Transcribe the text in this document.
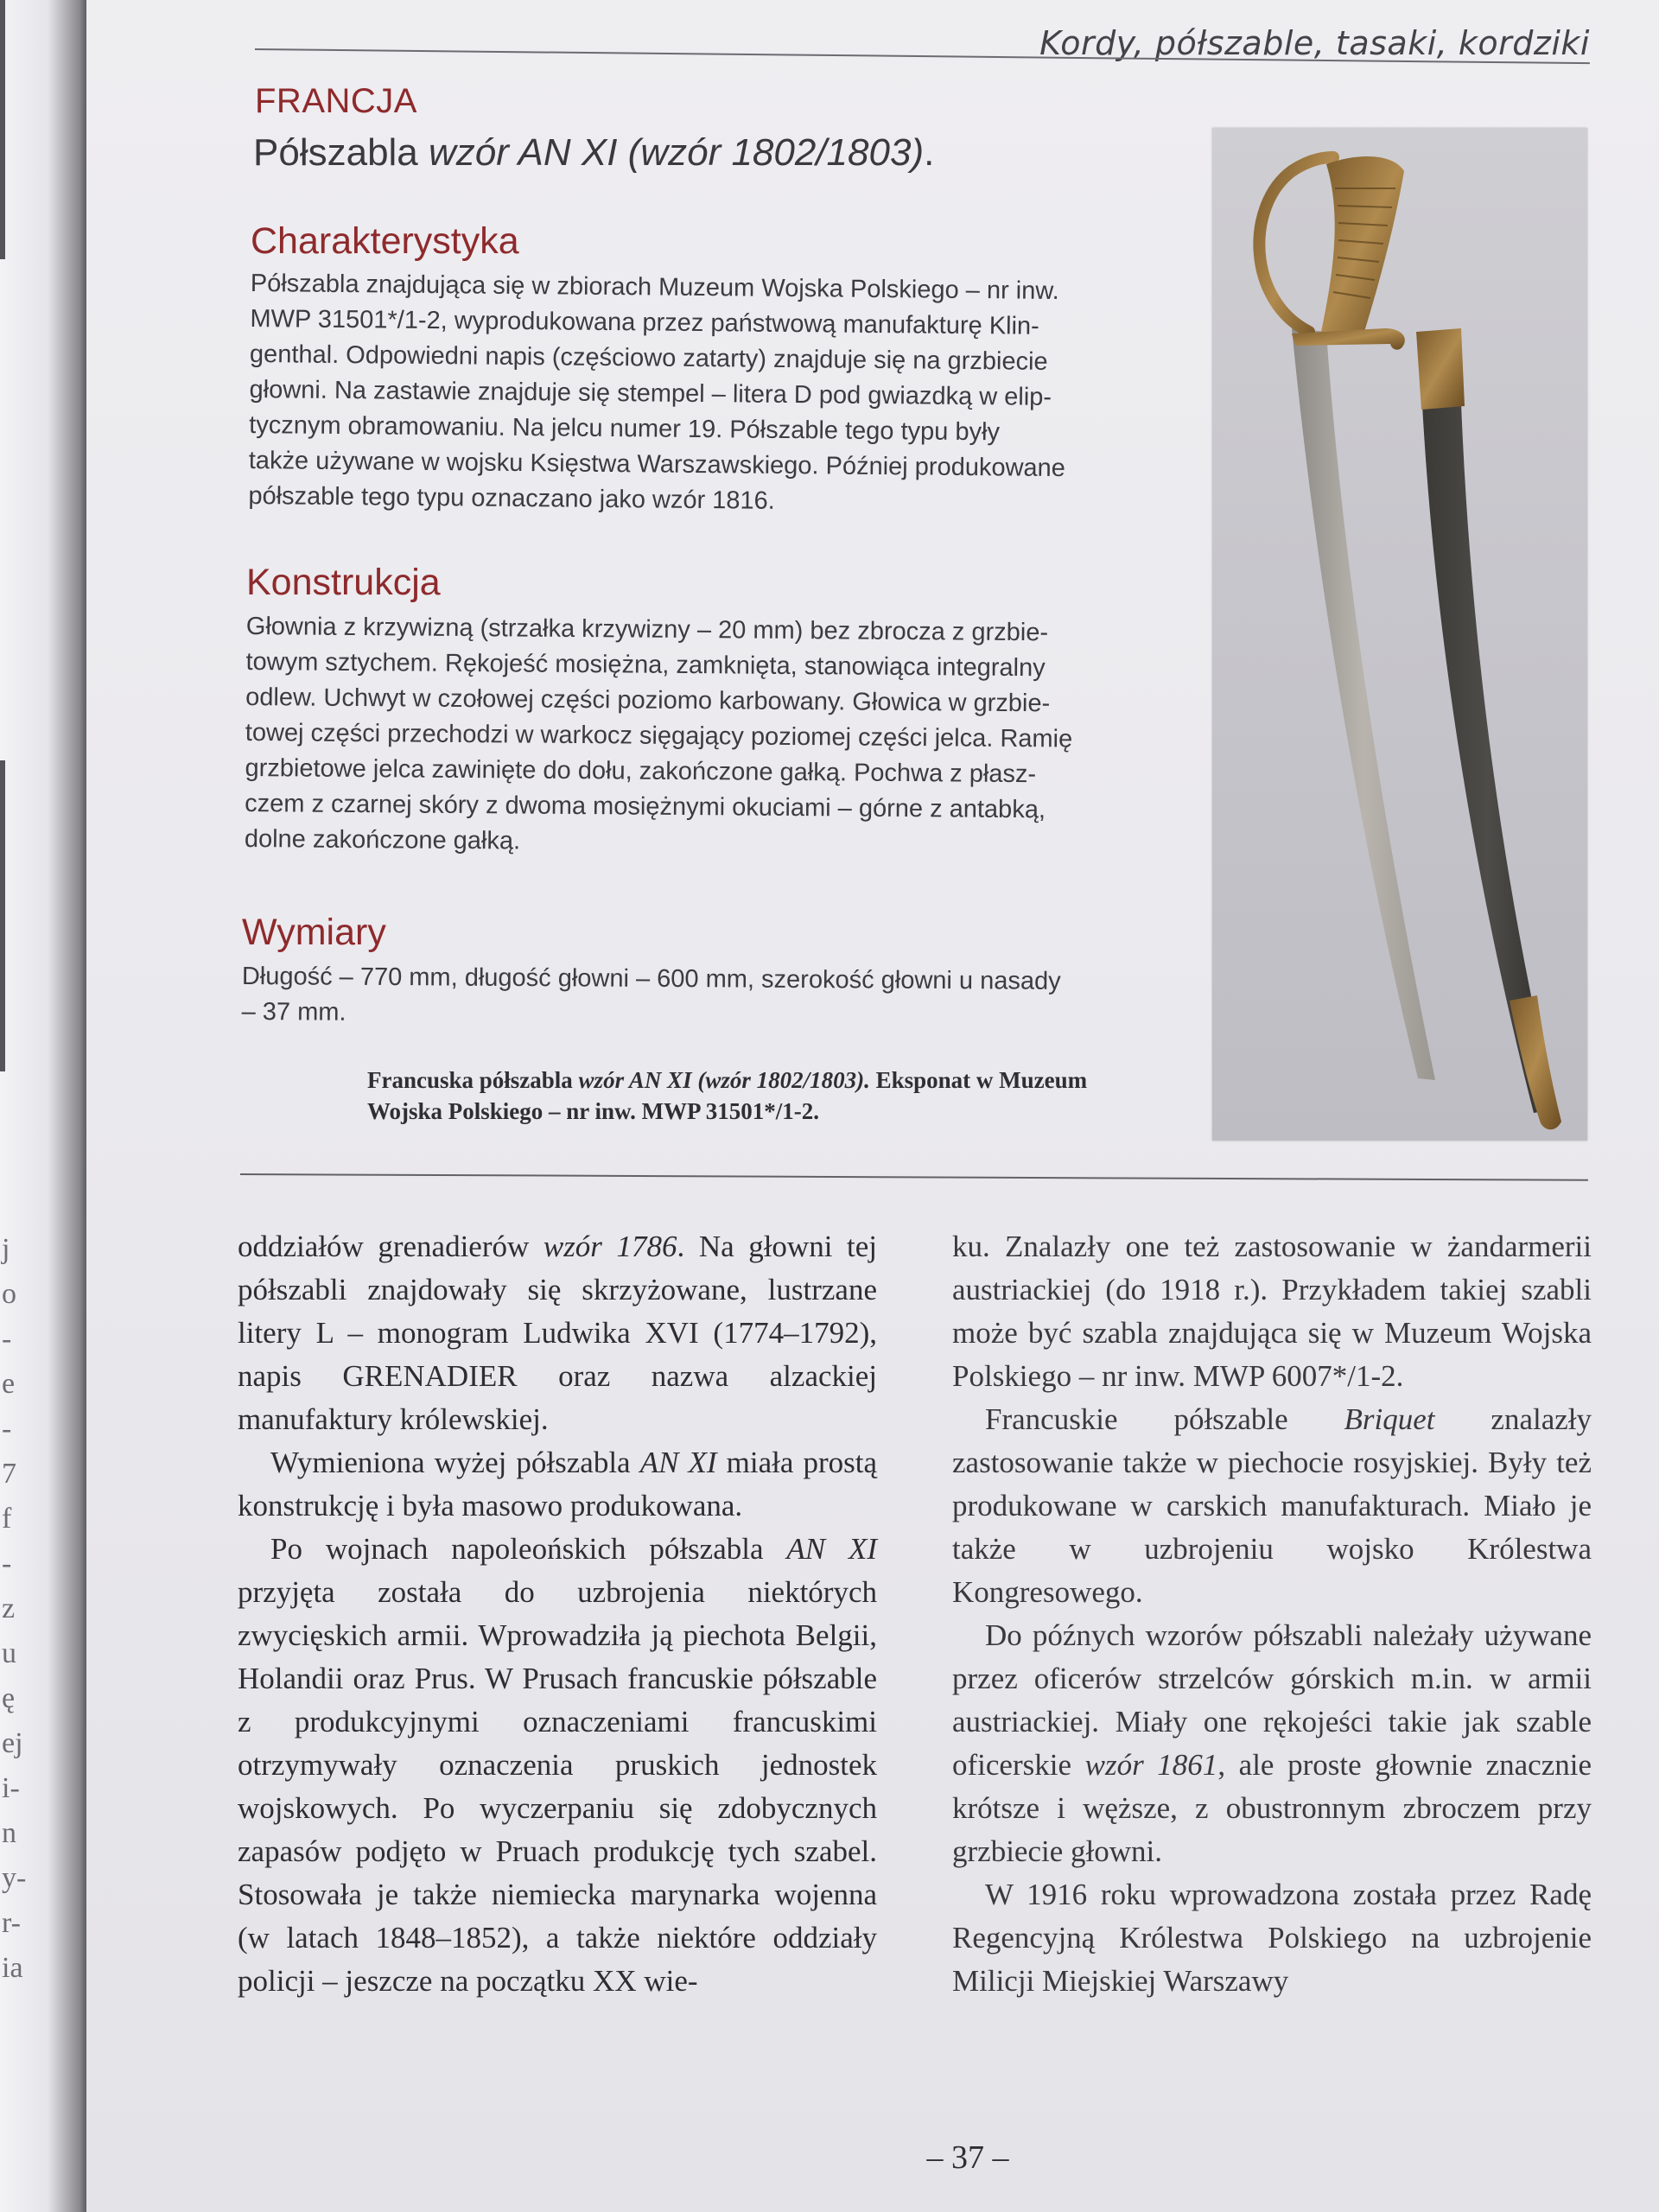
j
o
-
e
-
7
f
-
z
u
ę
ej
i-
n
y-
r-
ia
Kordy, półszable, tasaki, kordziki
FRANCJA
Półszabla wzór AN XI (wzór 1802/1803).
Charakterystyka
Półszabla znajdująca się w zbiorach Muzeum Wojska Polskiego – nr inw.
MWP 31501*/1-2, wyprodukowana przez państwową manufakturę Klin-
genthal. Odpowiedni napis (częściowo zatarty) znajduje się na grzbiecie
głowni. Na zastawie znajduje się stempel – litera D pod gwiazdką w elip-
tycznym obramowaniu. Na jelcu numer 19. Półszable tego typu były
także używane w wojsku Księstwa Warszawskiego. Później produkowane
półszable tego typu oznaczano jako wzór 1816.
Konstrukcja
Głownia z krzywizną (strzałka krzywizny – 20 mm) bez zbrocza z grzbie-
towym sztychem. Rękojeść mosiężna, zamknięta, stanowiąca integralny
odlew. Uchwyt w czołowej części poziomo karbowany. Głowica w grzbie-
towej części przechodzi w warkocz sięgający poziomej części jelca. Ramię
grzbietowe jelca zawinięte do dołu, zakończone gałką. Pochwa z płasz-
czem z czarnej skóry z dwoma mosiężnymi okuciami – górne z antabką,
dolne zakończone gałką.
Wymiary
Długość – 770 mm, długość głowni – 600 mm, szerokość głowni u nasady
– 37 mm.
Francuska półszabla wzór AN XI (wzór 1802/1803). Eksponat w Muzeum
Wojska Polskiego – nr inw. MWP 31501*/1-2.

oddziałów grenadierów wzór 1786. Na głowni tej półszabli znajdowały się skrzyżowane, lustrzane litery L – monogram Ludwika XVI (1774–1792), napis GRENADIER oraz nazwa alzackiej manufaktury królewskiej.

Wymieniona wyżej półszabla AN XI miała prostą konstrukcję i była masowo produkowana.

Po wojnach napoleońskich półszabla AN XI przyjęta została do uzbrojenia niektórych zwycięskich armii. Wprowadziła ją piechota Belgii, Holandii oraz Prus. W Prusach francuskie półszable z produkcyjnymi oznaczeniami francuskimi otrzymywały oznaczenia pruskich jednostek wojskowych. Po wyczerpaniu się zdobycznych zapasów podjęto w Pruach produkcję tych szabel. Stosowała je także niemiecka marynarka wojenna (w latach 1848–1852), a także niektóre oddziały policji – jeszcze na początku XX wie-

ku. Znalazły one też zastosowanie w żandarmerii austriackiej (do 1918 r.). Przykładem takiej szabli może być szabla znajdująca się w Muzeum Wojska Polskiego – nr inw. MWP 6007*/1-2.

Francuskie półszable Briquet znalazły zastosowanie także w piechocie rosyjskiej. Były też produkowane w carskich manufakturach. Miało je także w uzbrojeniu wojsko Królestwa Kongresowego.

Do późnych wzorów półszabli należały używane przez oficerów strzelców górskich m.in. w armii austriackiej. Miały one rękojeści takie jak szable oficerskie wzór 1861, ale proste głownie znacznie krótsze i węższe, z obustronnym zbroczem przy grzbiecie głowni.

W 1916 roku wprowadzona została przez Radę Regencyjną Królestwa Polskiego na uzbrojenie Milicji Miejskiej Warszawy

– 37 –
